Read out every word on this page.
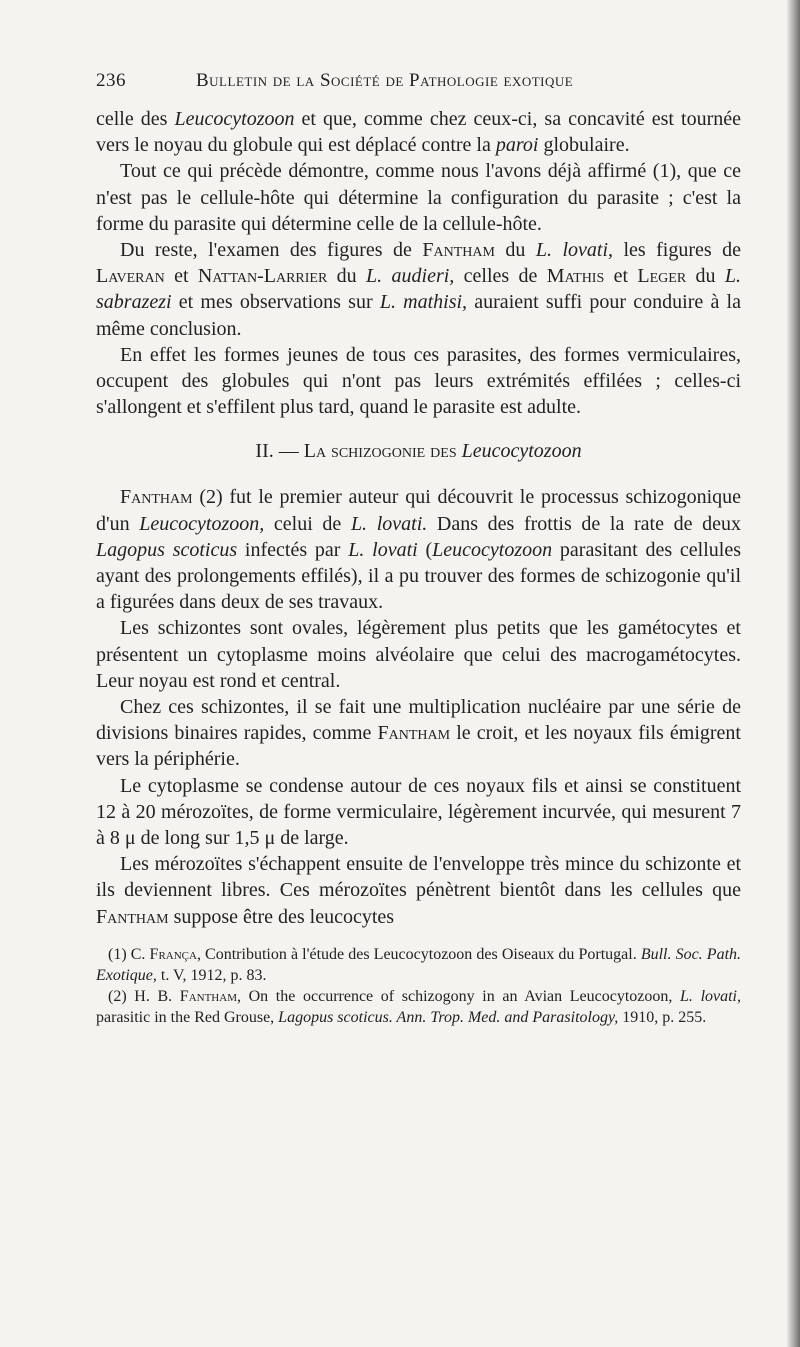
236	Bulletin de la Société de Pathologie exotique

celle des Leucocytozoon et que, comme chez ceux-ci, sa concavité est tournée vers le noyau du globule qui est déplacé contre la paroi globulaire.

Tout ce qui précède démontre, comme nous l'avons déjà affirmé (1), que ce n'est pas le cellule-hôte qui détermine la configuration du parasite ; c'est la forme du parasite qui détermine celle de la cellule-hôte.

Du reste, l'examen des figures de Fantham du L. lovati, les figures de Laveran et Nattan-Larrier du L. audieri, celles de Mathis et Leger du L. sabrazezi et mes observations sur L. mathisi, auraient suffi pour conduire à la même conclusion.

En effet les formes jeunes de tous ces parasites, des formes vermiculaires, occupent des globules qui n'ont pas leurs extrémités effilées ; celles-ci s'allongent et s'effilent plus tard, quand le parasite est adulte.

II. — La schizogonie des Leucocytozoon

Fantham (2) fut le premier auteur qui découvrit le processus schizogonique d'un Leucocytozoon, celui de L. lovati. Dans des frottis de la rate de deux Lagopus scoticus infectés par L. lovati (Leucocytozoon parasitant des cellules ayant des prolongements effilés), il a pu trouver des formes de schizogonie qu'il a figurées dans deux de ses travaux.

Les schizontes sont ovales, légèrement plus petits que les gamétocytes et présentent un cytoplasme moins alvéolaire que celui des macrogamétocytes. Leur noyau est rond et central.

Chez ces schizontes, il se fait une multiplication nucléaire par une série de divisions binaires rapides, comme Fantham le croit, et les noyaux fils émigrent vers la périphérie.

Le cytoplasme se condense autour de ces noyaux fils et ainsi se constituent 12 à 20 mérozoïtes, de forme vermiculaire, légèrement incurvée, qui mesurent 7 à 8 μ de long sur 1,5 μ de large.

Les mérozoïtes s'échappent ensuite de l'enveloppe très mince du schizonte et ils deviennent libres. Ces mérozoïtes pénètrent bientôt dans les cellules que Fantham suppose être des leucocytes

(1) C. França, Contribution à l'étude des Leucocytozoon des Oiseaux du Portugal. Bull. Soc. Path. Exotique, t. V, 1912, p. 83.

(2) H. B. Fantham, On the occurrence of schizogony in an Avian Leucocytozoon, L. lovati, parasitic in the Red Grouse, Lagopus scoticus. Ann. Trop. Med. and Parasitology, 1910, p. 255.
